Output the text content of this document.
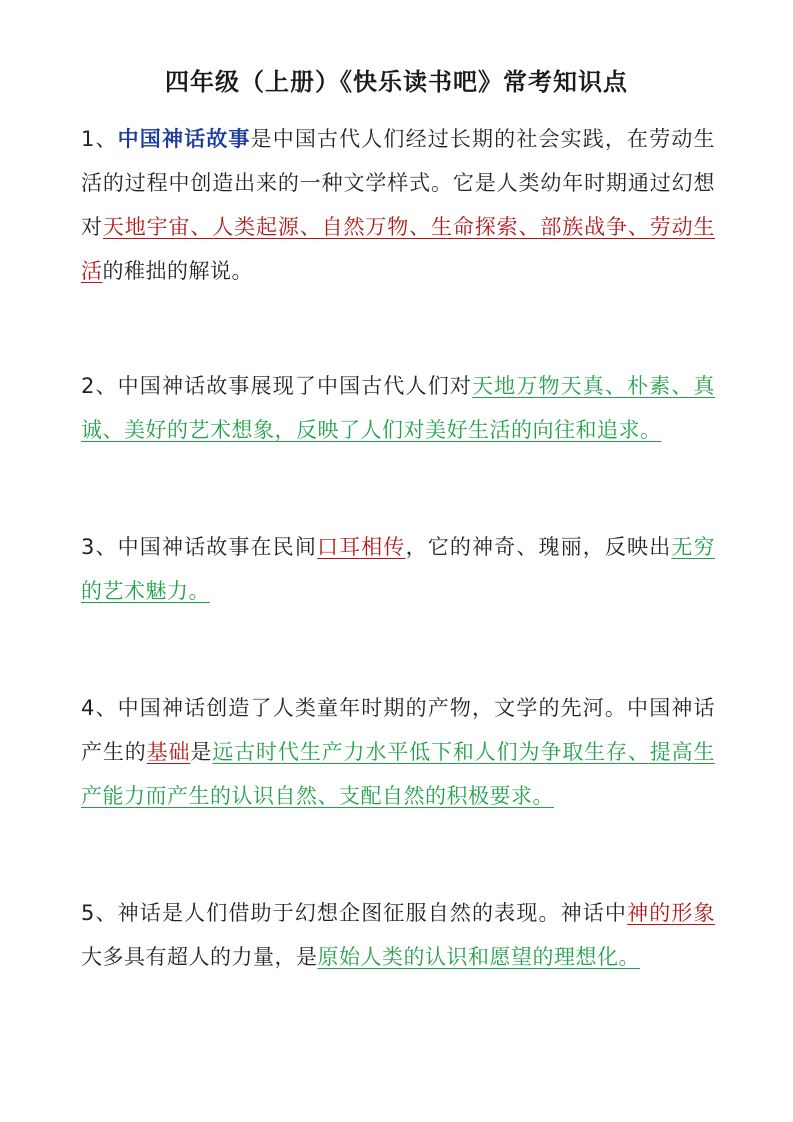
四年级（上册）《快乐读书吧》常考知识点
1、中国神话故事是中国古代人们经过长期的社会实践，在劳动生活的过程中创造出来的一种文学样式。它是人类幼年时期通过幻想对天地宇宙、人类起源、自然万物、生命探索、部族战争、劳动生活的稚拙的解说。
2、中国神话故事展现了中国古代人们对天地万物天真、朴素、真诚、美好的艺术想象，反映了人们对美好生活的向往和追求。
3、中国神话故事在民间口耳相传，它的神奇、瑰丽，反映出无穷的艺术魅力。
4、中国神话创造了人类童年时期的产物，文学的先河。中国神话产生的基础是远古时代生产力水平低下和人们为争取生存、提高生产能力而产生的认识自然、支配自然的积极要求。
5、神话是人们借助于幻想企图征服自然的表现。神话中神的形象大多具有超人的力量，是原始人类的认识和愿望的理想化。
